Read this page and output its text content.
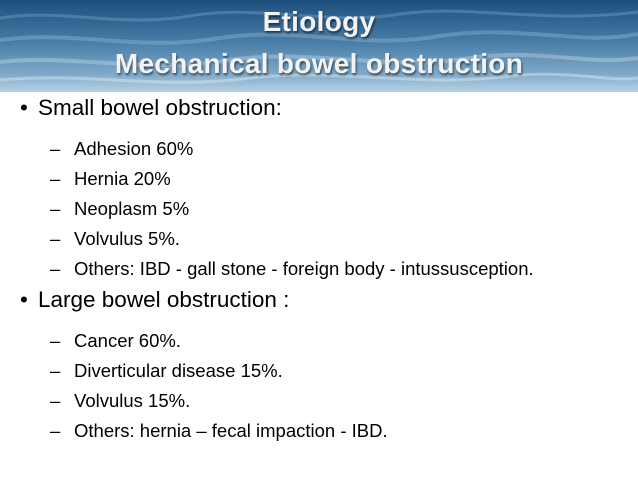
Etiology
Mechanical bowel obstruction
• Small bowel obstruction:
– Adhesion 60%
– Hernia 20%
– Neoplasm 5%
– Volvulus 5%.
– Others: IBD - gall stone - foreign body - intussusception.
• Large bowel obstruction :
– Cancer 60%.
– Diverticular disease 15%.
– Volvulus 15%.
– Others: hernia – fecal impaction - IBD.
